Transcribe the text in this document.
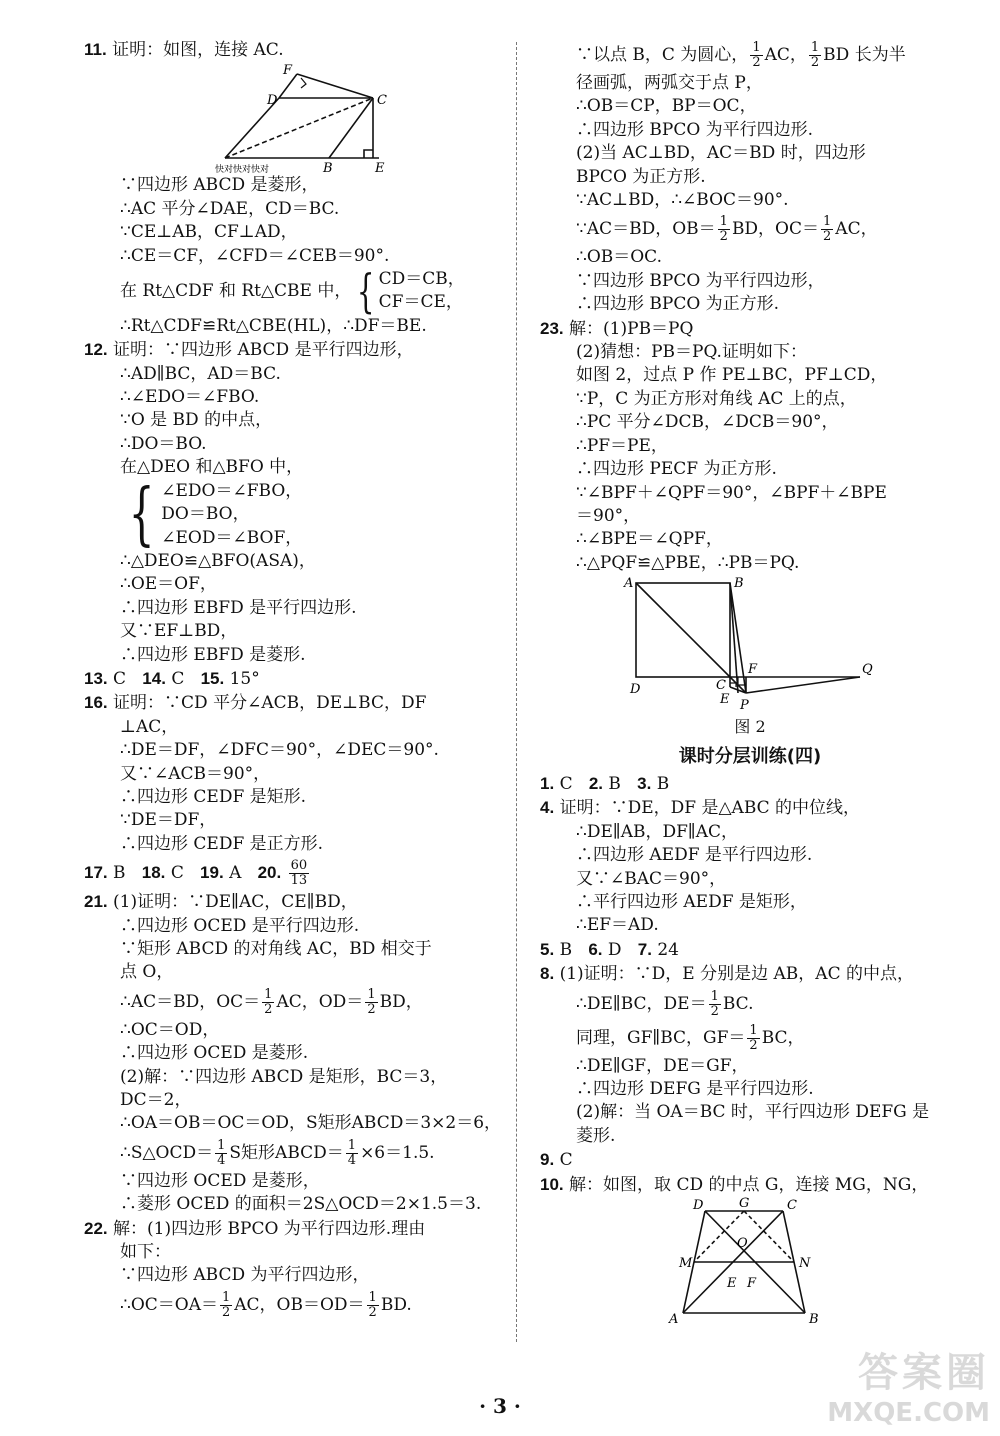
11. 证明：如图，连接 AC.
F
D	C
B	E
快对快对快对
∵四边形 ABCD 是菱形，
∴AC 平分∠DAE，CD＝BC.
∵CE⊥AB，CF⊥AD，
∴CE＝CF，∠CFD＝∠CEB＝90°.
在 Rt△CDF 和 Rt△CBE 中， { CD＝CB，
CF＝CE，
∴Rt△CDF≌Rt△CBE(HL)，∴DF＝BE.
12. 证明：∵四边形 ABCD 是平行四边形，
∴AD∥BC，AD＝BC.
∴∠EDO＝∠FBO.
∵O 是 BD 的中点，
∴DO＝BO.
在△DEO 和△BFO 中，
{ ∠EDO＝∠FBO，
DO＝BO，
∠EOD＝∠BOF，
∴△DEO≌△BFO(ASA)，
∴OE＝OF，
∴四边形 EBFD 是平行四边形.
又∵EF⊥BD，
∴四边形 EBFD 是菱形.
13. C 14. C 15. 15°
16. 证明：∵CD 平分∠ACB，DE⊥BC，DF
⊥AC，
∴DE＝DF，∠DFC＝90°，∠DEC＝90°.
又∵∠ACB＝90°，
∴四边形 CEDF 是矩形.
∵DE＝DF，
∴四边形 CEDF 是正方形.
17. B 18. C 19. A 20. $\frac{60}{13}$
21. (1)证明：∵DE∥AC，CE∥BD，
∴四边形 OCED 是平行四边形.
∵矩形 ABCD 的对角线 AC，BD 相交于
点 O，
∴AC＝BD，$OC= \frac{1}{2}$ AC，$OD= \frac{1}{2}$ BD，
∴OC＝OD，
∴四边形 OCED 是菱形.
(2)解：∵四边形 ABCD 是矩形，BC＝3，
DC＝2，
∴OA＝OB＝OC＝OD，S矩形ABCD＝3×2＝6，
∴S△OCD＝ $\frac{1}{4}$ S矩形ABCD＝ $\frac{1}{4} \times 6=1.5$.
∵四边形 OCED 是菱形，
∴菱形 OCED 的面积＝2S△OCD＝2×1.5＝3.
22. 解：(1)四边形 BPCO 为平行四边形.理由
如下：
∵四边形 ABCD 为平行四边形，
∴OC＝OA＝ $\frac{1}{2}$ AC，$OB=OD= \frac{1}{2}$ BD.
∵以点 B，C 为圆心， $\frac{1}{2}$ AC， $\frac{1}{2}$ BD 长为半
径画弧，两弧交于点 P，
∴OB＝CP，BP＝OC，
∴四边形 BPCO 为平行四边形.
(2)当 AC⊥BD，AC＝BD 时，四边形
BPCO 为正方形.
∵AC⊥BD，∴∠BOC＝90°.
∵AC＝BD，$OB= \frac{1}{2}$ BD，$OC= \frac{1}{2}$ AC，
∴OB＝OC.
∵四边形 BPCO 为平行四边形，
∴四边形 BPCO 为正方形.
23. 解：(1)PB＝PQ
(2)猜想：PB＝PQ.证明如下：
如图 2，过点 P 作 PE⊥BC，PF⊥CD，
∵P，C 为正方形对角线 AC 上的点，
∴PC 平分∠DCB，∠DCB＝90°，
∴PF＝PE，
∴四边形 PECF 为正方形.
∵∠BPF＋∠QPF＝90°，∠BPF＋∠BPE
＝90°，
∴∠BPE＝∠QPF，
∴△PQF≌△PBE，∴PB＝PQ.
A	B
D	C
F	Q
E P
图 2
课时分层训练(四)
1. C 2. B 3. B
4. 证明：∵DE，DF 是△ABC 的中位线，
∴DE∥AB，DF∥AC，
∴四边形 AEDF 是平行四边形.
又∵∠BAC＝90°，
∴平行四边形 AEDF 是矩形，
∴EF＝AD.
5. B 6. D 7. 24
8. (1)证明：∵D，E 分别是边 AB，AC 的中点，
∴DE∥BC，$DE= \frac{1}{2}$ BC.
同理，GF∥BC，$GF= \frac{1}{2}$ BC，
∴DE∥GF，DE＝GF，
∴四边形 DEFG 是平行四边形.
(2)解：当 OA＝BC 时，平行四边形 DEFG 是
菱形.
9. C
10. 解：如图，取 CD 的中点 G，连接 MG，NG，
D	G	C
O
M	N
E F
A	B
· 3 ·
答案圈
MXQE.COM
